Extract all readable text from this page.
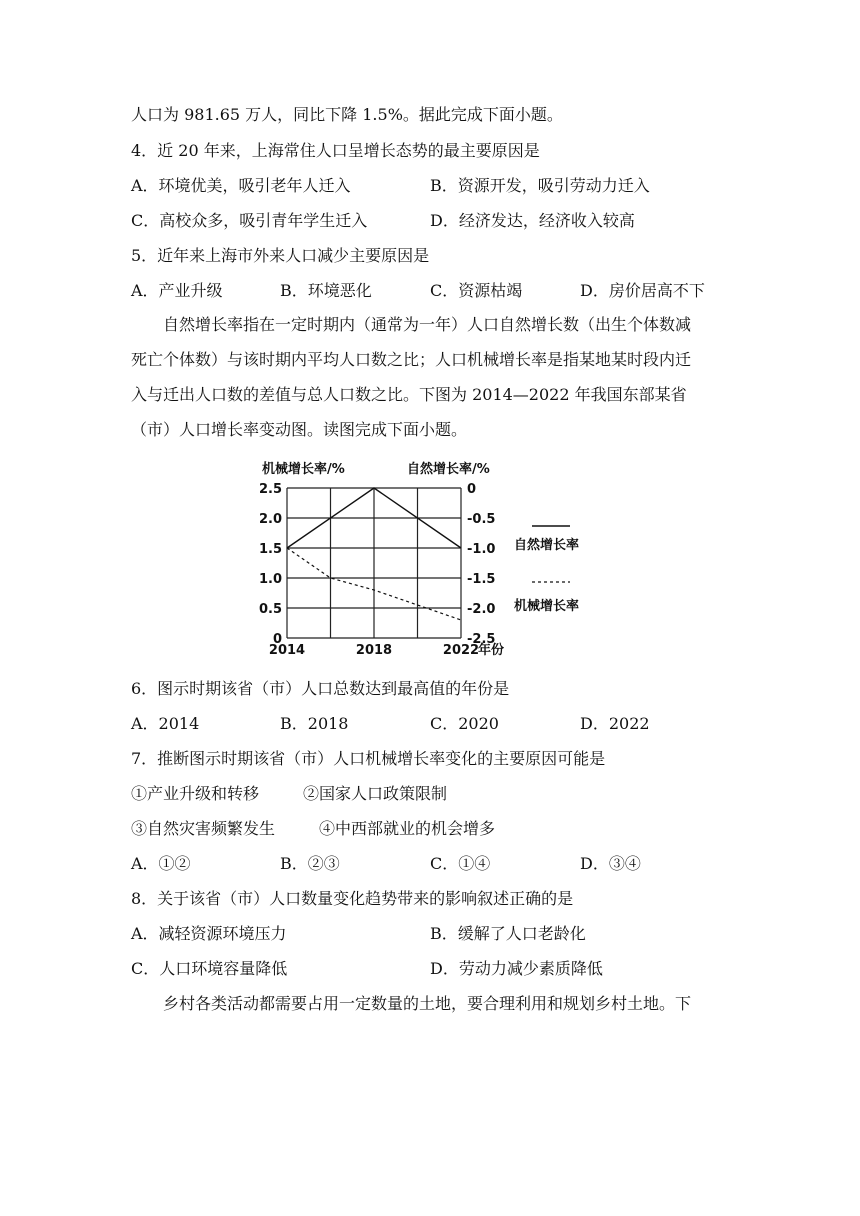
人口为 981.65 万人，同比下降 1.5%。据此完成下面小题。
4．近 20 年来，上海常住人口呈增长态势的最主要原因是
A．环境优美，吸引老年人迁入	B．资源开发，吸引劳动力迁入
C．高校众多，吸引青年学生迁入	D．经济发达，经济收入较高
5．近年来上海市外来人口减少主要原因是
A．产业升级	B．环境恶化	C．资源枯竭	D．房价居高不下
自然增长率指在一定时期内（通常为一年）人口自然增长数（出生个体数减
死亡个体数）与该时期内平均人口数之比；人口机械增长率是指某地某时段内迁
入与迁出人口数的差值与总人口数之比。下图为 2014—2022 年我国东部某省
（市）人口增长率变动图。读图完成下面小题。
0
0.5
1.0
1.5
2.0
2.5	0
-0.5
-1.0
-1.5
-2.0
-2.5
2014	2018	2022
机械增长率/%	自然增长率/%
年份
自然增长率
机械增长率
6．图示时期该省（市）人口总数达到最高值的年份是
A．2014	B．2018	C．2020	D．2022
7．推断图示时期该省（市）人口机械增长率变化的主要原因可能是
①产业升级和转移	②国家人口政策限制
③自然灾害频繁发生	④中西部就业的机会增多
A．①②	B．②③	C．①④	D．③④
8．关于该省（市）人口数量变化趋势带来的影响叙述正确的是
A．减轻资源环境压力	B．缓解了人口老龄化
C．人口环境容量降低	D．劳动力减少素质降低
乡村各类活动都需要占用一定数量的土地，要合理利用和规划乡村土地。下
